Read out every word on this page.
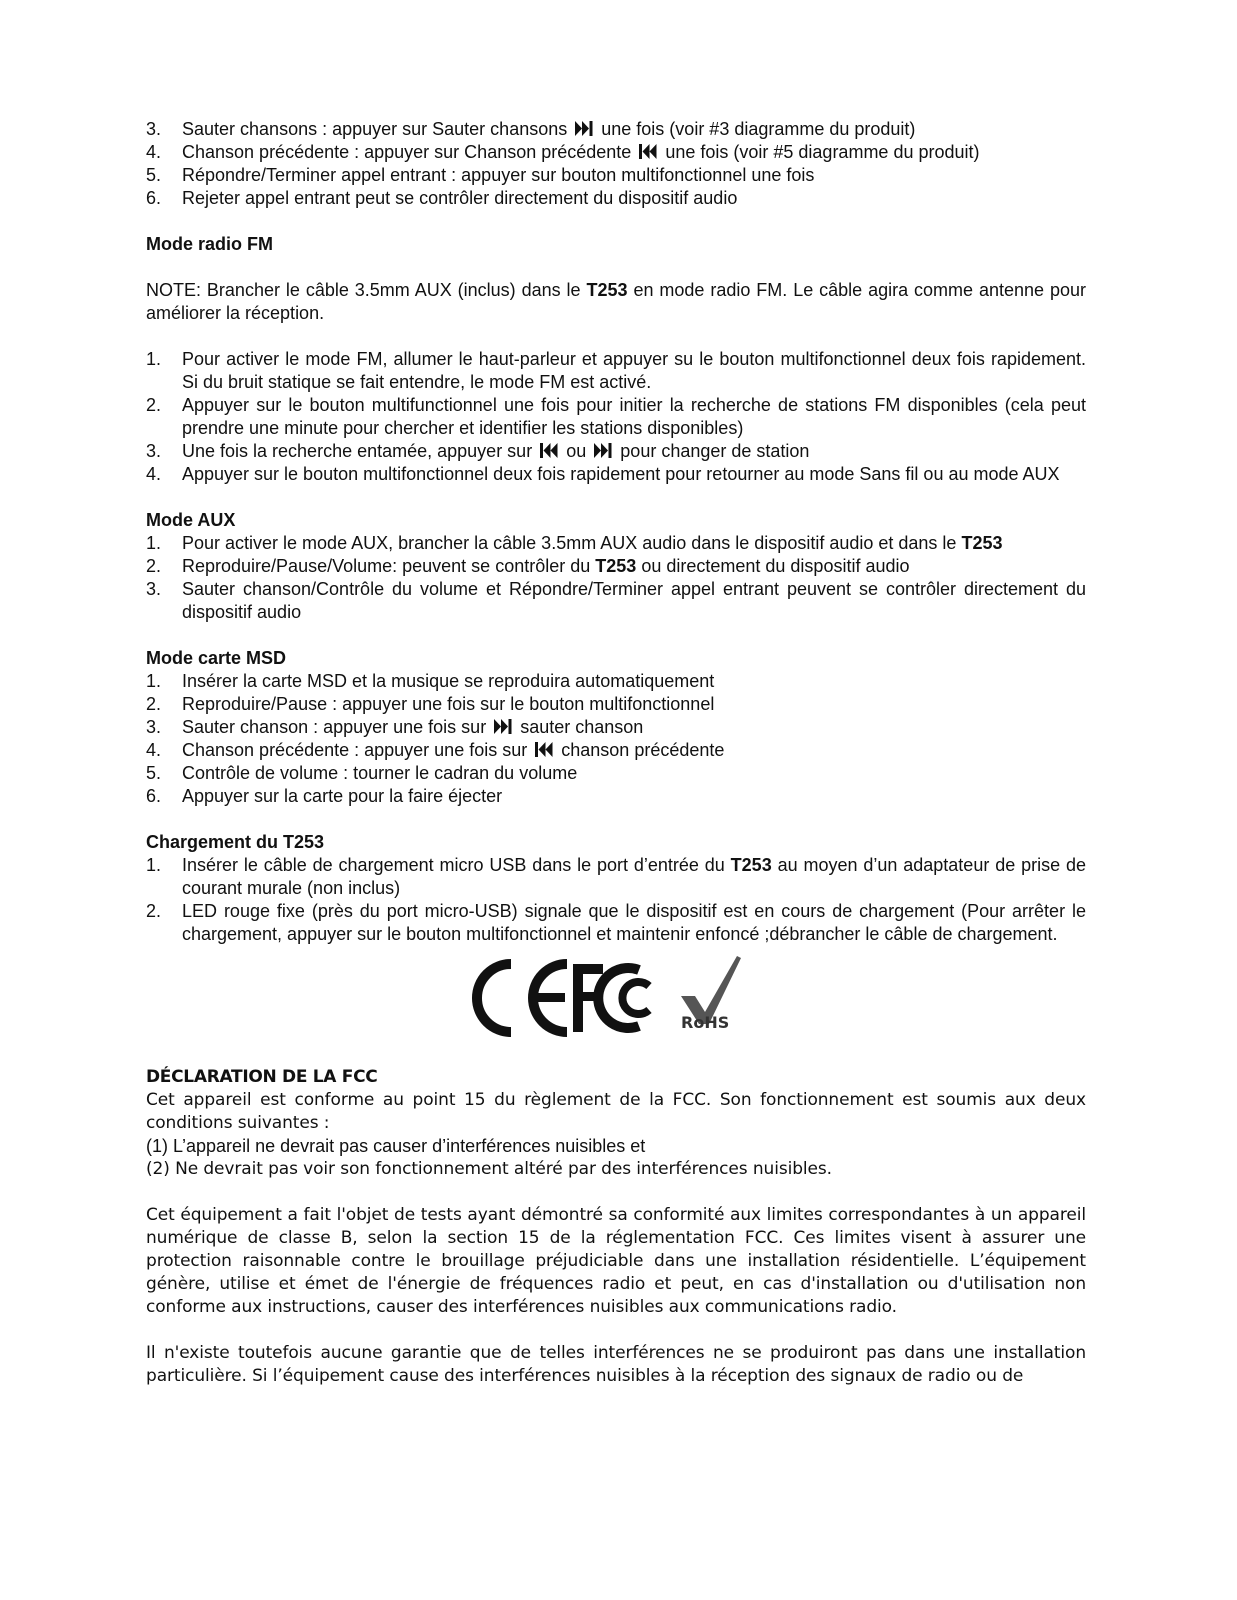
3. Sauter chansons : appuyer sur Sauter chansons une fois (voir #3 diagramme du produit)
4. Chanson précédente : appuyer sur Chanson précédente une fois (voir #5 diagramme du produit)
5. Répondre/Terminer appel entrant : appuyer sur bouton multifonctionnel une fois
6. Rejeter appel entrant peut se contrôler directement du dispositif audio

Mode radio FM

NOTE: Brancher le câble 3.5mm AUX (inclus) dans le T253 en mode radio FM. Le câble agira comme antenne pour améliorer la réception.

1. Pour activer le mode FM, allumer le haut-parleur et appuyer su le bouton multifonctionnel deux fois rapidement. Si du bruit statique se fait entendre, le mode FM est activé.
2. Appuyer sur le bouton multifunctionnel une fois pour initier la recherche de stations FM disponibles (cela peut prendre une minute pour chercher et identifier les stations disponibles)
3. Une fois la recherche entamée, appuyer sur ou pour changer de station
4. Appuyer sur le bouton multifonctionnel deux fois rapidement pour retourner au mode Sans fil ou au mode AUX

Mode AUX

1. Pour activer le mode AUX, brancher la câble 3.5mm AUX audio dans le dispositif audio et dans le T253
2. Reproduire/Pause/Volume: peuvent se contrôler du T253 ou directement du dispositif audio
3. Sauter chanson/Contrôle du volume et Répondre/Terminer appel entrant peuvent se contrôler directement du dispositif audio

Mode carte MSD

1. Insérer la carte MSD et la musique se reproduira automatiquement
2. Reproduire/Pause : appuyer une fois sur le bouton multifonctionnel
3. Sauter chanson : appuyer une fois sur sauter chanson
4. Chanson précédente : appuyer une fois sur chanson précédente
5. Contrôle de volume : tourner le cadran du volume
6. Appuyer sur la carte pour la faire éjecter

Chargement du T253

1. Insérer le câble de chargement micro USB dans le port d’entrée du T253 au moyen d’un adaptateur de prise de courant murale (non inclus)
2. LED rouge fixe (près du port micro-USB) signale que le dispositif est en cours de chargement (Pour arrêter le chargement, appuyer sur le bouton multifonctionnel et maintenir enfoncé ;débrancher le câble de chargement.
RoHS

DÉCLARATION DE LA FCC

Cet appareil est conforme au point 15 du règlement de la FCC. Son fonctionnement est soumis aux deux conditions suivantes :

(1) L’appareil ne devrait pas causer d’interférences nuisibles et

(2) Ne devrait pas voir son fonctionnement altéré par des interférences nuisibles.

Cet équipement a fait l'objet de tests ayant démontré sa conformité aux limites correspondantes à un appareil numérique de classe B, selon la section 15 de la réglementation FCC. Ces limites visent à assurer une protection raisonnable contre le brouillage préjudiciable dans une installation résidentielle. L’équipement génère, utilise et émet de l'énergie de fréquences radio et peut, en cas d'installation ou d'utilisation non conforme aux instructions, causer des interférences nuisibles aux communications radio.

Il n'existe toutefois aucune garantie que de telles interférences ne se produiront pas dans une installation particulière. Si l’équipement cause des interférences nuisibles à la réception des signaux de radio ou de
